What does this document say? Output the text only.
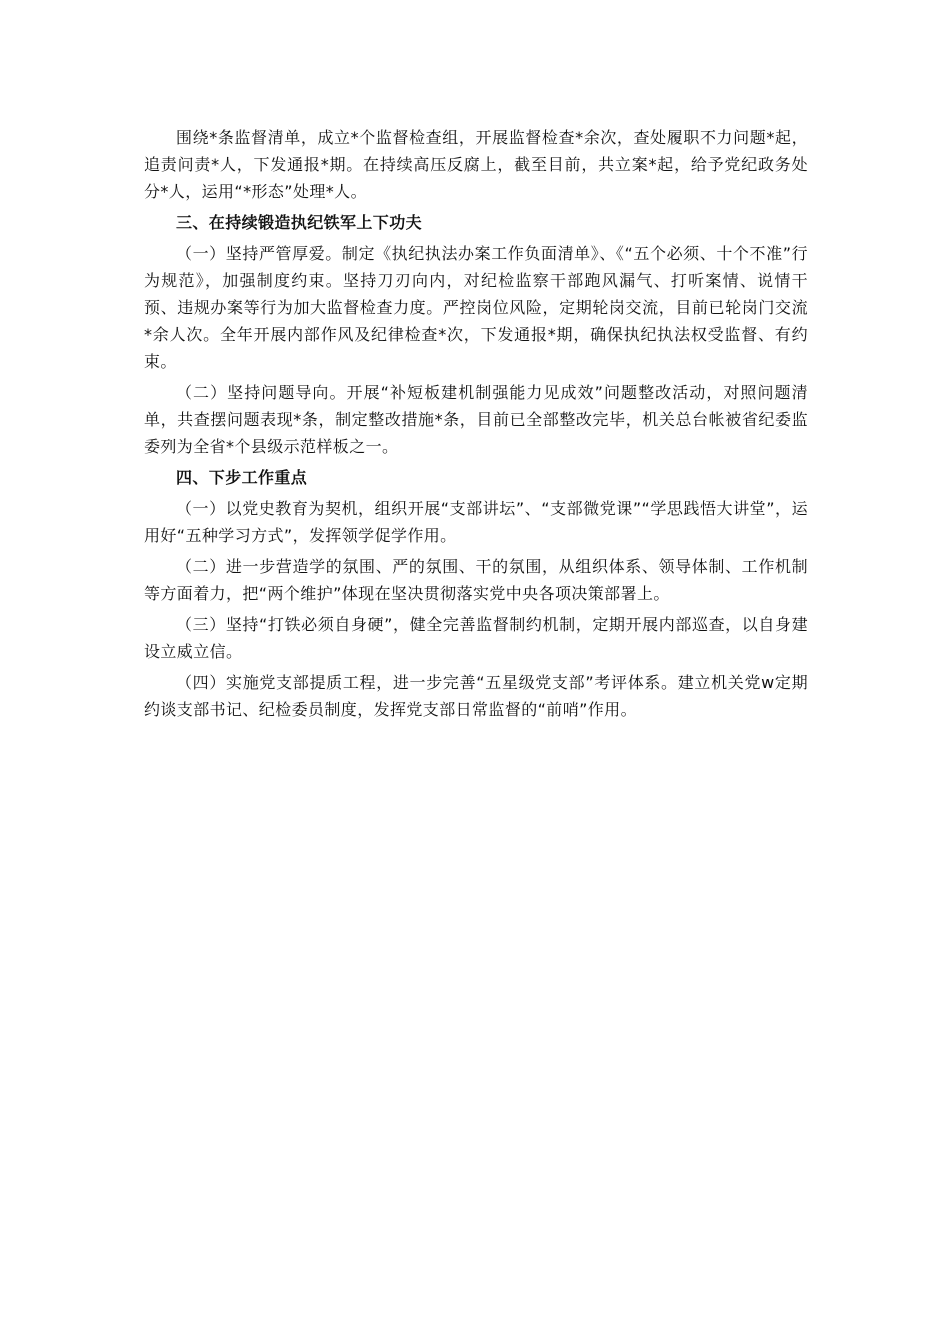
围绕*条监督清单，成立*个监督检查组，开展监督检查*余次，查处履职不力问题*起，追责问责*人，下发通报*期。在持续高压反腐上，截至目前，共立案*起，给予党纪政务处分*人，运用“*形态”处理*人。

三、在持续锻造执纪铁军上下功夫

（一）坚持严管厚爱。制定《执纪执法办案工作负面清单》、《“五个必须、十个不准”行为规范》，加强制度约束。坚持刀刃向内，对纪检监察干部跑风漏气、打听案情、说情干预、违规办案等行为加大监督检查力度。严控岗位风险，定期轮岗交流，目前已轮岗门交流*余人次。全年开展内部作风及纪律检查*次，下发通报*期，确保执纪执法权受监督、有约束。

（二）坚持问题导向。开展“补短板建机制强能力见成效”问题整改活动，对照问题清单，共查摆问题表现*条，制定整改措施*条，目前已全部整改完毕，机关总台帐被省纪委监委列为全省*个县级示范样板之一。

四、下步工作重点

（一）以党史教育为契机，组织开展“支部讲坛”、“支部微党课”“学思践悟大讲堂”，运用好“五种学习方式”，发挥领学促学作用。

（二）进一步营造学的氛围、严的氛围、干的氛围，从组织体系、领导体制、工作机制等方面着力，把“两个维护”体现在坚决贯彻落实党中央各项决策部署上。

（三）坚持“打铁必须自身硬”，健全完善监督制约机制，定期开展内部巡查，以自身建设立威立信。

（四）实施党支部提质工程，进一步完善“五星级党支部”考评体系。建立机关党w定期约谈支部书记、纪检委员制度，发挥党支部日常监督的“前哨”作用。
